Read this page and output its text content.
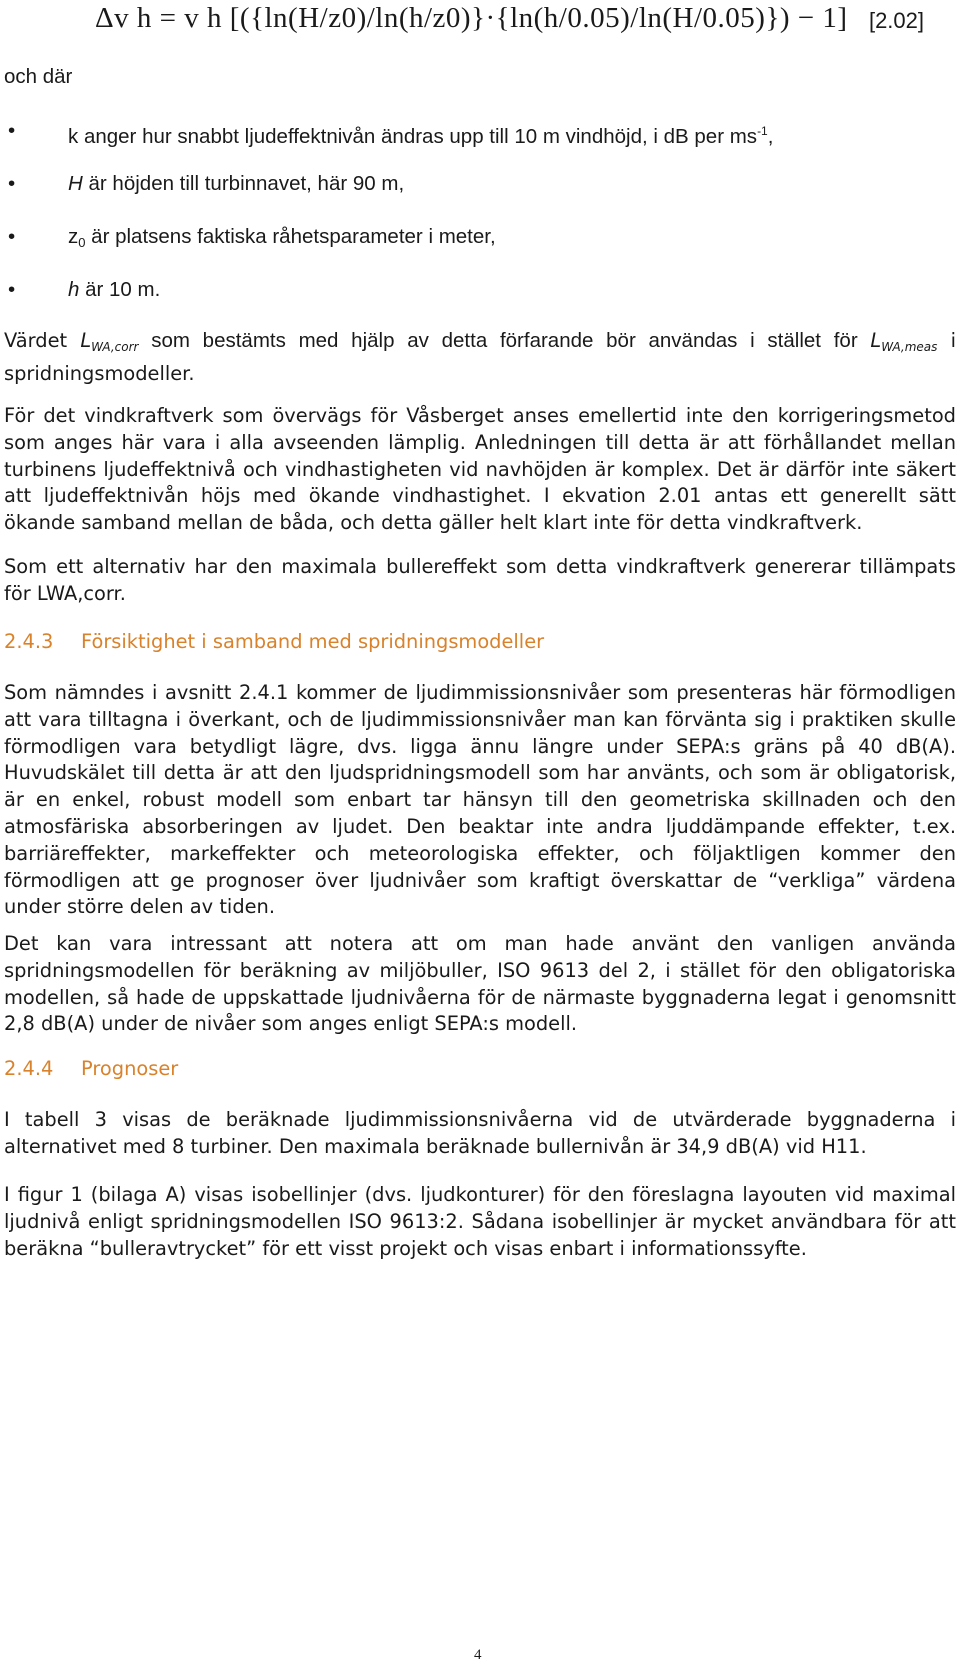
Δv h = v h [({ln(H/z0)/ln(h/z0)}·{ln(h/0.05)/ln(H/0.05)}) − 1] [2.02]
och där
•	k anger hur snabbt ljudeffektnivån ändras upp till 10 m vindhöjd, i dB per $ms^{-1}$,
•	H är höjden till turbinnavet, här 90 m,
•	z0 är platsens faktiska råhetsparameter i meter,
•	h är 10 m.
Värdet $L_{WA,corr}$ som bestämts med hjälp av detta förfarande bör användas i stället för $L_{WA,meas}$ i spridningsmodeller.
För det vindkraftverk som övervägs för Våsberget anses emellertid inte den korrigeringsmetod som anges här vara i alla avseenden lämplig. Anledningen till detta är att förhållandet mellan turbinens ljudeffektnivå och vindhastigheten vid navhöjden är komplex. Det är därför inte säkert att ljudeffektnivån höjs med ökande vindhastighet. I ekvation 2.01 antas ett generellt sätt ökande samband mellan de båda, och detta gäller helt klart inte för detta vindkraftverk.
Som ett alternativ har den maximala bullereffekt som detta vindkraftverk genererar tillämpats för LWA,corr.
2.4.3 Försiktighet i samband med spridningsmodeller
Som nämndes i avsnitt 2.4.1 kommer de ljudimmissionsnivåer som presenteras här förmodligen att vara tilltagna i överkant, och de ljudimmissionsnivåer man kan förvänta sig i praktiken skulle förmodligen vara betydligt lägre, dvs. ligga ännu längre under SEPA:s gräns på 40 dB(A). Huvudskälet till detta är att den ljudspridningsmodell som har använts, och som är obligatorisk, är en enkel, robust modell som enbart tar hänsyn till den geometriska skillnaden och den atmosfäriska absorberingen av ljudet. Den beaktar inte andra ljuddämpande effekter, t.ex. barriäreffekter, markeffekter och meteorologiska effekter, och följaktligen kommer den förmodligen att ge prognoser över ljudnivåer som kraftigt överskattar de “verkliga” värdena under större delen av tiden.
Det kan vara intressant att notera att om man hade använt den vanligen använda spridningsmodellen för beräkning av miljöbuller, ISO 9613 del 2, i stället för den obligatoriska modellen, så hade de uppskattade ljudnivåerna för de närmaste byggnaderna legat i genomsnitt 2,8 dB(A) under de nivåer som anges enligt SEPA:s modell.
2.4.4 Prognoser
I tabell 3 visas de beräknade ljudimmissionsnivåerna vid de utvärderade byggnaderna i alternativet med 8 turbiner. Den maximala beräknade bullernivån är 34,9 dB(A) vid H11.
I figur 1 (bilaga A) visas isobellinjer (dvs. ljudkonturer) för den föreslagna layouten vid maximal ljudnivå enligt spridningsmodellen ISO 9613:2. Sådana isobellinjer är mycket användbara för att beräkna “bulleravtrycket” för ett visst projekt och visas enbart i informationssyfte.
4
